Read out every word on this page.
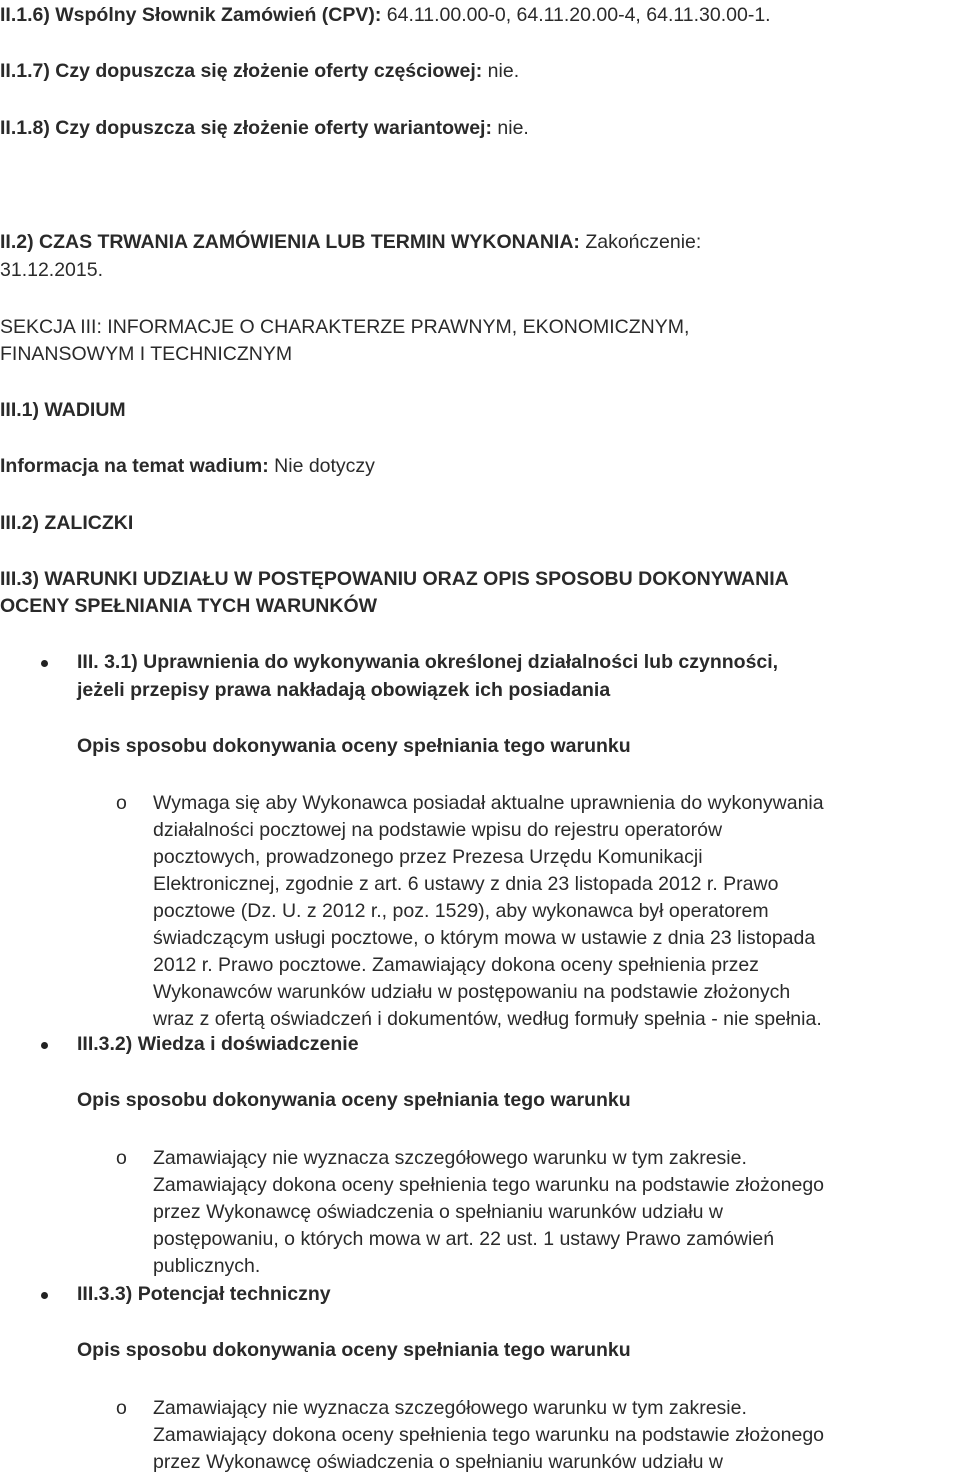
II.1.6) Wspólny Słownik Zamówień (CPV): 64.11.00.00-0, 64.11.20.00-4, 64.11.30.00-1.
II.1.7) Czy dopuszcza się złożenie oferty częściowej: nie.
II.1.8) Czy dopuszcza się złożenie oferty wariantowej: nie.
II.2) CZAS TRWANIA ZAMÓWIENIA LUB TERMIN WYKONANIA: Zakończenie:
31.12.2015.
SEKCJA III: INFORMACJE O CHARAKTERZE PRAWNYM, EKONOMICZNYM,
FINANSOWYM I TECHNICZNYM
III.1) WADIUM
Informacja na temat wadium: Nie dotyczy
III.2) ZALICZKI
III.3) WARUNKI UDZIAŁU W POSTĘPOWANIU ORAZ OPIS SPOSOBU DOKONYWANIA
OCENY SPEŁNIANIA TYCH WARUNKÓW
III. 3.1) Uprawnienia do wykonywania określonej działalności lub czynności,
jeżeli przepisy prawa nakładają obowiązek ich posiadania
Opis sposobu dokonywania oceny spełniania tego warunku
o Wymaga się aby Wykonawca posiadał aktualne uprawnienia do wykonywania
działalności pocztowej na podstawie wpisu do rejestru operatorów
pocztowych, prowadzonego przez Prezesa Urzędu Komunikacji
Elektronicznej, zgodnie z art. 6 ustawy z dnia 23 listopada 2012 r. Prawo
pocztowe (Dz. U. z 2012 r., poz. 1529), aby wykonawca był operatorem
świadczącym usługi pocztowe, o którym mowa w ustawie z dnia 23 listopada
2012 r. Prawo pocztowe. Zamawiający dokona oceny spełnienia przez
Wykonawców warunków udziału w postępowaniu na podstawie złożonych
wraz z ofertą oświadczeń i dokumentów, według formuły spełnia - nie spełnia.
III.3.2) Wiedza i doświadczenie
Opis sposobu dokonywania oceny spełniania tego warunku
o Zamawiający nie wyznacza szczegółowego warunku w tym zakresie.
Zamawiający dokona oceny spełnienia tego warunku na podstawie złożonego
przez Wykonawcę oświadczenia o spełnianiu warunków udziału w
postępowaniu, o których mowa w art. 22 ust. 1 ustawy Prawo zamówień
publicznych.
III.3.3) Potencjał techniczny
Opis sposobu dokonywania oceny spełniania tego warunku
o Zamawiający nie wyznacza szczegółowego warunku w tym zakresie.
Zamawiający dokona oceny spełnienia tego warunku na podstawie złożonego
przez Wykonawcę oświadczenia o spełnianiu warunków udziału w
